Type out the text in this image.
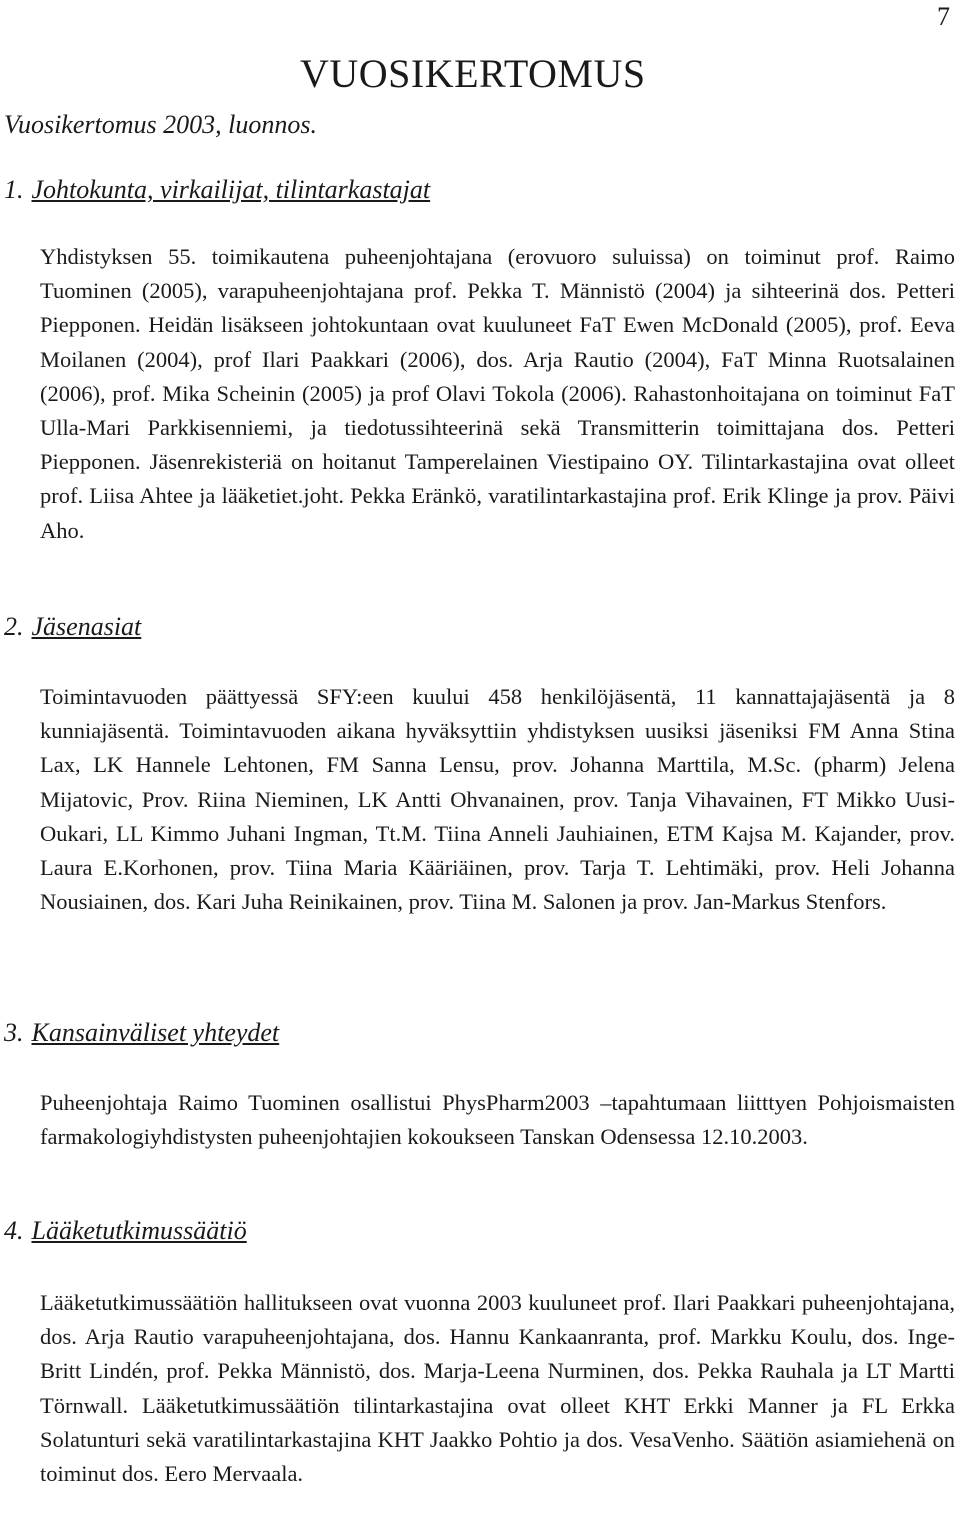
7
VUOSIKERTOMUS
Vuosikertomus 2003, luonnos.
1. Johtokunta, virkailijat, tilintarkastajat

Yhdistyksen 55. toimikautena puheenjohtajana (erovuoro suluissa) on toiminut prof. Raimo Tuominen (2005), varapuheenjohtajana prof. Pekka T. Männistö (2004) ja sihteerinä dos. Petteri Piepponen. Heidän lisäkseen johtokuntaan ovat kuuluneet FaT Ewen McDonald (2005), prof. Eeva Moilanen (2004), prof Ilari Paakkari (2006), dos. Arja Rautio (2004), FaT Minna Ruotsalainen (2006), prof. Mika Scheinin (2005) ja prof Olavi Tokola (2006). Rahastonhoitajana on toiminut FaT Ulla-Mari Parkkisenniemi, ja tiedotussihteerinä sekä Transmitterin toimittajana dos. Petteri Piepponen. Jäsenrekisteriä on hoitanut Tamperelainen Viestipaino OY. Tilintarkastajina ovat olleet prof. Liisa Ahtee ja lääketiet.joht. Pekka Eränkö, varatilintarkastajina prof. Erik Klinge ja prov. Päivi Aho.

2. Jäsenasiat

Toimintavuoden päättyessä SFY:een kuului 458 henkilöjäsentä, 11 kannattajajäsentä ja 8 kunniajäsentä. Toimintavuoden aikana hyväksyttiin yhdistyksen uusiksi jäseniksi FM Anna Stina Lax, LK Hannele Lehtonen, FM Sanna Lensu, prov. Johanna Marttila, M.Sc. (pharm) Jelena Mijatovic, Prov. Riina Nieminen, LK Antti Ohvanainen, prov. Tanja Vihavainen, FT Mikko Uusi-Oukari, LL Kimmo Juhani Ingman, Tt.M. Tiina Anneli Jauhiainen, ETM Kajsa M. Kajander, prov. Laura E.Korhonen, prov. Tiina Maria Kääriäinen, prov. Tarja T. Lehtimäki, prov. Heli Johanna Nousiainen, dos. Kari Juha Reinikainen, prov. Tiina M. Salonen ja prov. Jan-Markus Stenfors.

3. Kansainväliset yhteydet

Puheenjohtaja Raimo Tuominen osallistui PhysPharm2003 –tapahtumaan liitttyen Pohjoismaisten farmakologiyhdistysten puheenjohtajien kokoukseen Tanskan Odensessa 12.10.2003.

4. Lääketutkimussäätiö

Lääketutkimussäätiön hallitukseen ovat vuonna 2003 kuuluneet prof. Ilari Paakkari puheenjohtajana, dos. Arja Rautio varapuheenjohtajana, dos. Hannu Kankaanranta, prof. Markku Koulu, dos. Inge-Britt Lindén, prof. Pekka Männistö, dos. Marja-Leena Nurminen, dos. Pekka Rauhala ja LT Martti Törnwall. Lääketutkimussäätiön tilintarkastajina ovat olleet KHT Erkki Manner ja FL Erkka Solatunturi sekä varatilintarkastajina KHT Jaakko Pohtio ja dos. VesaVenho. Säätiön asiamiehenä on toiminut dos. Eero Mervaala.
